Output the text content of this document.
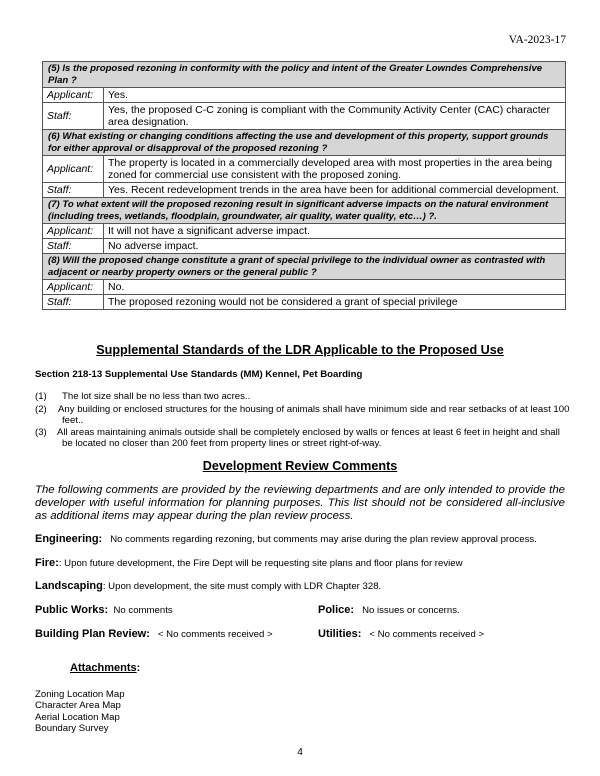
VA-2023-17
(5) Is the proposed rezoning in conformity with the policy and intent of the Greater Lowndes Comprehensive Plan ?	
Applicant:	Yes.
Staff:	Yes, the proposed C-C zoning is compliant with the Community Activity Center (CAC) character area designation.
(6) What existing or changing conditions affecting the use and development of this property, support grounds for either approval or disapproval of the proposed rezoning ?	
Applicant:	The property is located in a commercially developed area with most properties in the area being zoned for commercial use consistent with the proposed zoning.
Staff:	Yes. Recent redevelopment trends in the area have been for additional commercial development.
(7) To what extent will the proposed rezoning result in significant adverse impacts on the natural environment (including trees, wetlands, floodplain, groundwater, air quality, water quality, etc…) ?.	
Applicant:	It will not have a significant adverse impact.
Staff:	No adverse impact.
(8) Will the proposed change constitute a grant of special privilege to the individual owner as contrasted with adjacent or nearby property owners or the general public ?	
Applicant:	No.
Staff:	The proposed rezoning would not be considered a grant of special privilege
Supplemental Standards of the LDR Applicable to the Proposed Use
Section 218-13 Supplemental Use Standards (MM) Kennel, Pet Boarding
(1) The lot size shall be no less than two acres..
(2) Any building or enclosed structures for the housing of animals shall have minimum side and rear setbacks of at least 100 feet..
(3) All areas maintaining animals outside shall be completely enclosed by walls or fences at least 6 feet in height and shall be located no closer than 200 feet from property lines or street right-of-way.
Development Review Comments
The following comments are provided by the reviewing departments and are only intended to provide the developer with useful information for planning purposes. This list should not be considered all-inclusive as additional items may appear during the plan review process.
Engineering: No comments regarding rezoning, but comments may arise during the plan review approval process.
Fire:: Upon future development, the Fire Dept will be requesting site plans and floor plans for review
Landscaping: Upon development, the site must comply with LDR Chapter 328.
Public Works: No comments	Police: No issues or concerns.
Building Plan Review: < No comments received >	Utilities: < No comments received >
Attachments:
Zoning Location Map
Character Area Map
Aerial Location Map
Boundary Survey
4
